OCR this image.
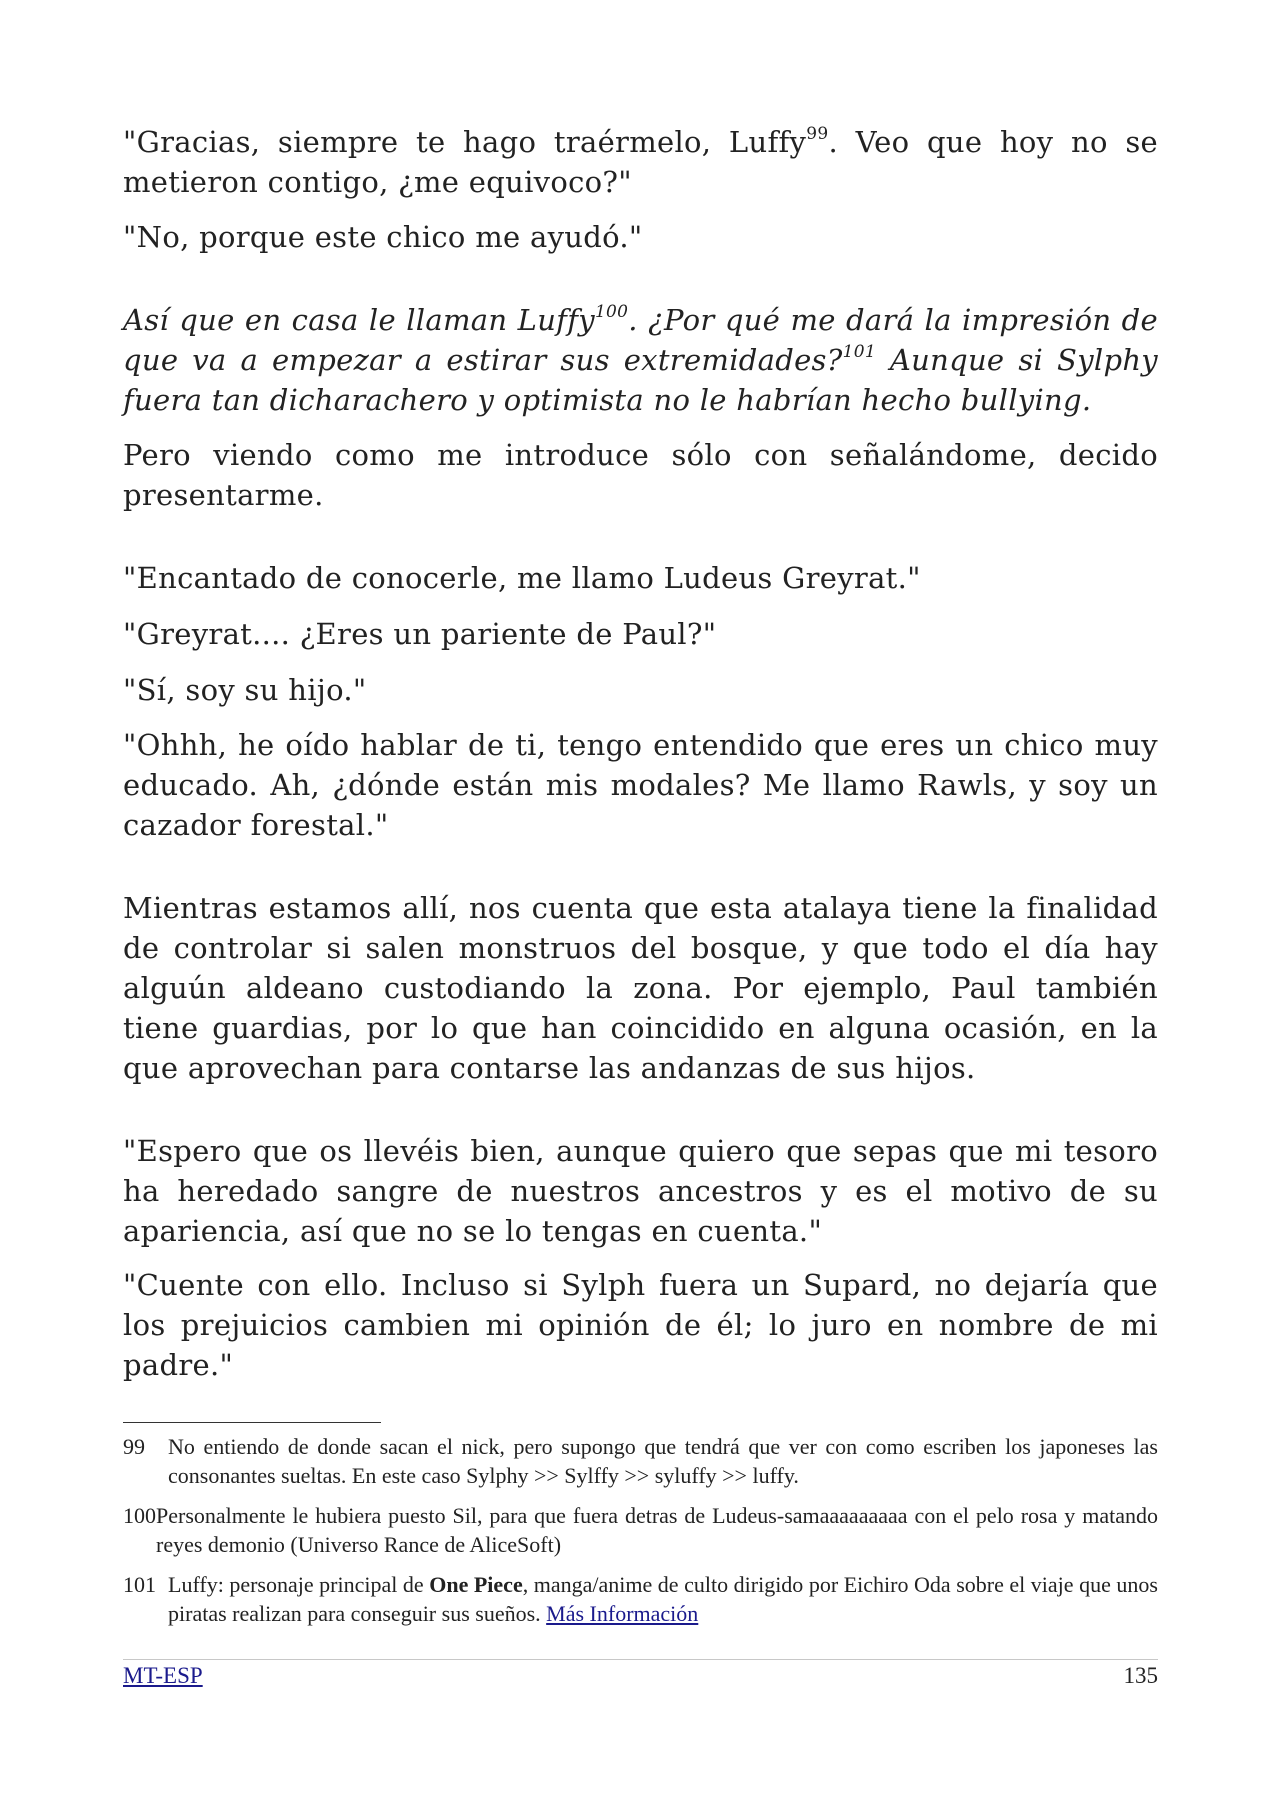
"Gracias, siempre te hago traérmelo, Luffy$^{99}$. Veo que hoy no se metieron contigo, ¿me equivoco?"

"No, porque este chico me ayudó."

Así que en casa le llaman Luffy$^{100}$. ¿Por qué me dará la impresión de que va a empezar a estirar sus extremidades?$^{101}$ Aunque si Sylphy fuera tan dicharachero y optimista no le habrían hecho bullying.

Pero viendo como me introduce sólo con señalándome, decido presentarme.

"Encantado de conocerle, me llamo Ludeus Greyrat."

"Greyrat.... ¿Eres un pariente de Paul?"

"Sí, soy su hijo."

"Ohhh, he oído hablar de ti, tengo entendido que eres un chico muy educado. Ah, ¿dónde están mis modales? Me llamo Rawls, y soy un cazador forestal."

Mientras estamos allí, nos cuenta que esta atalaya tiene la finalidad de controlar si salen monstruos del bosque, y que todo el día hay alguún aldeano custodiando la zona. Por ejemplo, Paul también tiene guardias, por lo que han coincidido en alguna ocasión, en la que aprovechan para contarse las andanzas de sus hijos.

"Espero que os llevéis bien, aunque quiero que sepas que mi tesoro ha heredado sangre de nuestros ancestros y es el motivo de su apariencia, así que no se lo tengas en cuenta."

"Cuente con ello. Incluso si Sylph fuera un Supard, no dejaría que los prejuicios cambien mi opinión de él; lo juro en nombre de mi padre."

99	No entiendo de donde sacan el nick, pero supongo que tendrá que ver con como escriben los japoneses las consonantes sueltas. En este caso Sylphy >> Sylffy >> syluffy >> luffy.

100 Personalmente le hubiera puesto Sil, para que fuera detras de Ludeus-samaaaaaaaaa con el pelo rosa y matando reyes demonio (Universo Rance de AliceSoft)

101 Luffy: personaje principal de One Piece, manga/anime de culto dirigido por Eichiro Oda sobre el viaje que unos piratas realizan para conseguir sus sueños. Más Información

MT-ESP	135
